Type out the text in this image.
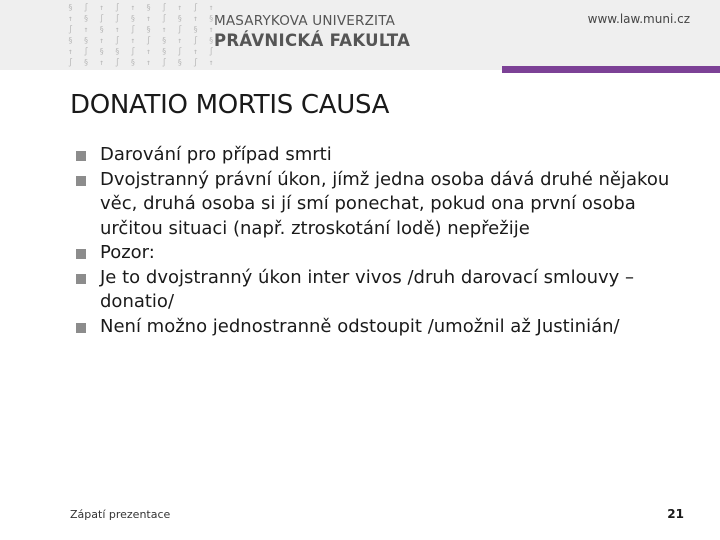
§ ∫ ↑ ∫ ↑ § ∫ ↑ ∫ ↑
↑ § ∫ ∫ § ↑ ∫ § ↑ §
∫ ↑ § ↑ ∫ § ↑ ∫ § ↑
§ § ↑ ∫ ↑ ∫ § ↑ ∫ §
↑ ∫ § § ∫ ↑ § ∫ ↑ ∫
∫ § ↑ ∫ § ↑ ∫ § ∫ ↑
MASARYKOVA UNIVERZITA
PRÁVNICKÁ FAKULTA
www.law.muni.cz
DONATIO MORTIS CAUSA
Darování pro případ smrti
Dvojstranný právní úkon, jímž jedna osoba dává druhé nějakou věc, druhá osoba si jí smí ponechat, pokud ona první osoba určitou situaci (např. ztroskotání lodě) nepřežije
Pozor:
Je to dvojstranný úkon inter vivos /druh darovací smlouvy – donatio/
Není možno jednostranně odstoupit /umožnil až Justinián/
Zápatí prezentace	21
